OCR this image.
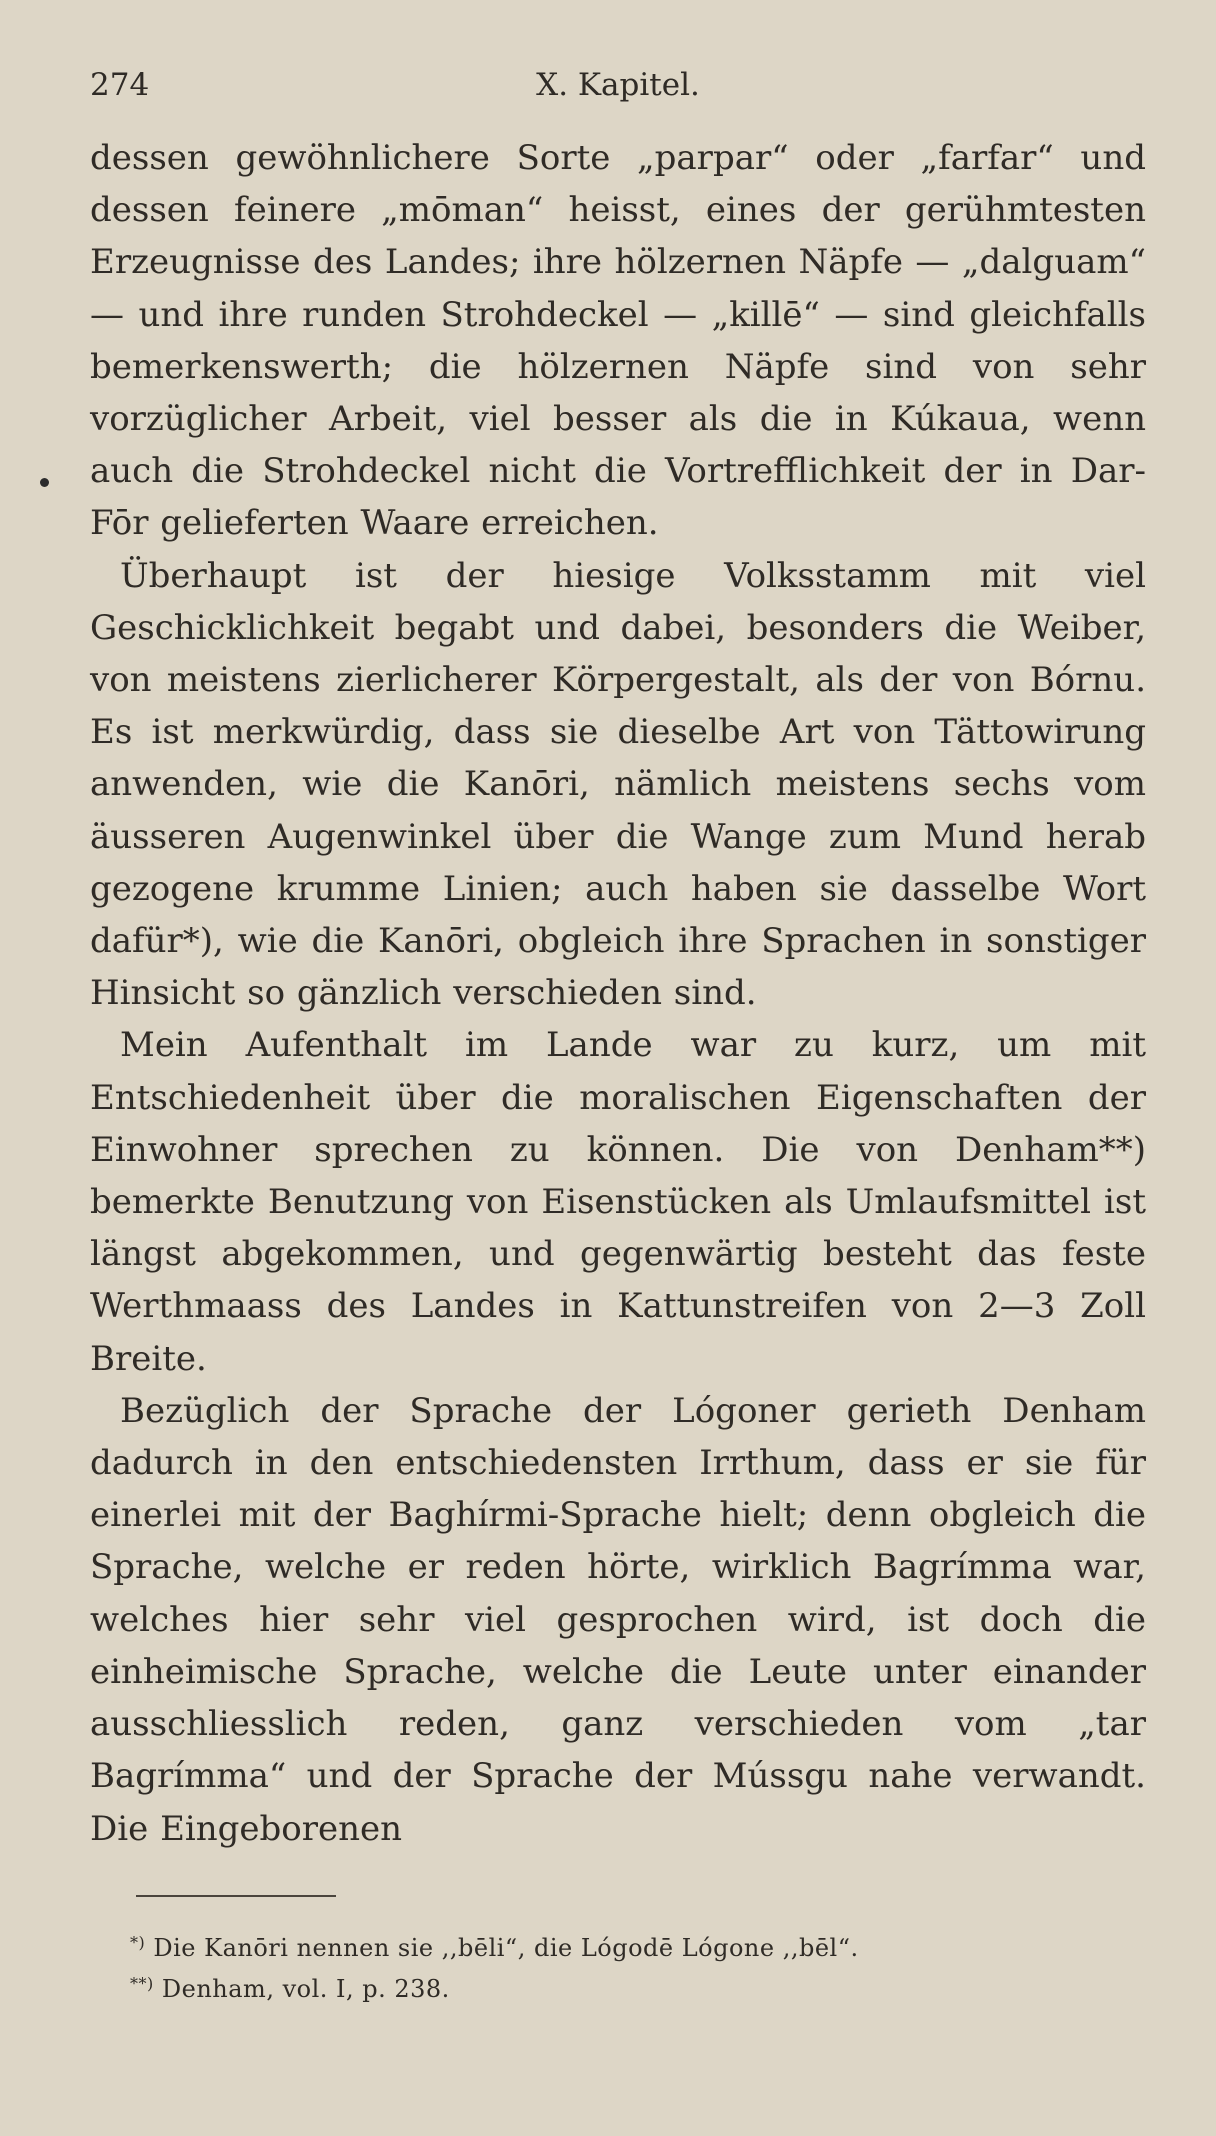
274	X. Kapitel.

dessen gewöhnlichere Sorte „parpar“ oder „farfar“ und dessen feinere „mōman“ heisst, eines der gerühmtesten Erzeugnisse des Landes; ihre hölzernen Näpfe — „dalguam“ — und ihre runden Strohdeckel — „killē“ — sind gleichfalls bemerkenswerth; die hölzernen Näpfe sind von sehr vorzüglicher Arbeit, viel besser als die in Kúkaua, wenn auch die Strohdeckel nicht die Vortrefflichkeit der in Dar-Fōr gelieferten Waare erreichen.

Überhaupt ist der hiesige Volksstamm mit viel Geschicklichkeit begabt und dabei, besonders die Weiber, von meistens zierlicherer Körpergestalt, als der von Bórnu. Es ist merkwürdig, dass sie dieselbe Art von Tättowirung anwenden, wie die Kanōri, nämlich meistens sechs vom äusseren Augenwinkel über die Wange zum Mund herab gezogene krumme Linien; auch haben sie dasselbe Wort dafür*), wie die Kanōri, obgleich ihre Sprachen in sonstiger Hinsicht so gänzlich verschieden sind.

Mein Aufenthalt im Lande war zu kurz, um mit Entschiedenheit über die moralischen Eigenschaften der Einwohner sprechen zu können. Die von Denham**) bemerkte Benutzung von Eisenstücken als Umlaufsmittel ist längst abgekommen, und gegenwärtig besteht das feste Werthmaass des Landes in Kattunstreifen von 2—3 Zoll Breite.

Bezüglich der Sprache der Lógoner gerieth Denham dadurch in den entschiedensten Irrthum, dass er sie für einerlei mit der Baghírmi-Sprache hielt; denn obgleich die Sprache, welche er reden hörte, wirklich Bagrímma war, welches hier sehr viel gesprochen wird, ist doch die einheimische Sprache, welche die Leute unter einander ausschliesslich reden, ganz verschieden vom „tar Bagrímma“ und der Sprache der Mússgu nahe verwandt. Die Eingeborenen

*) Die Kanōri nennen sie ,,bēli“, die Lógodē Lógone ,,bēl“.

**) Denham, vol. I, p. 238.
